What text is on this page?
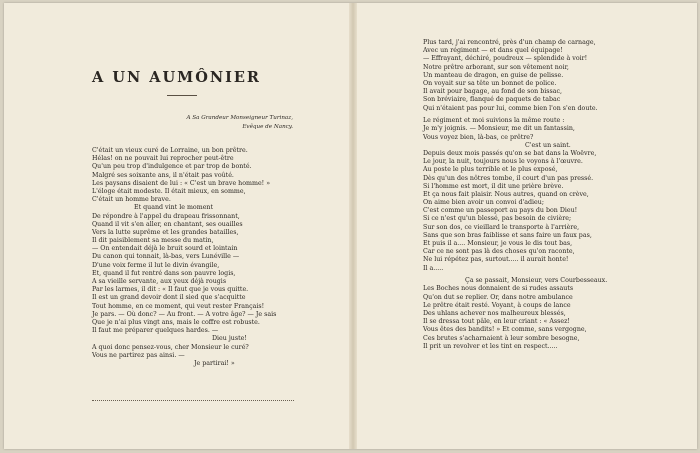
A UN AUMÔNIER
A Sa Grandeur Monseigneur Turinaz,
Evêque de Nancy.
C'était un vieux curé de Lorraine, un bon prêtre.
Hélas! on ne pouvait lui reprocher peut-être
Qu'un peu trop d'indulgence et par trop de bonté.
Malgré ses soixante ans, il n'était pas voûté.
Les paysans disaient de lui : « C'est un brave homme! »
L'éloge était modeste. Il était mieux, en somme,
C'était un homme brave.
Et quand vint le moment
De répondre à l'appel du drapeau frissonnant,
Quand il vit s'en aller, en chantant, ses ouailles
Vers la lutte suprême et les grandes batailles,
Il dit paisiblement sa messe du matin,
— On entendait déjà le bruit sourd et lointain
Du canon qui tonnait, là-bas, vers Lunéville —
D'une voix ferme il lut le divin évangile,
Et, quand il fut rentré dans son pauvre logis,
A sa vieille servante, aux yeux déjà rougis
Par les larmes, il dit : « Il faut que je vous quitte.
Il est un grand devoir dont il sied que s'acquitte
Tout homme, en ce moment, qui veut rester Français!
Je pars. — Où donc? — Au front. — A votre âge? — Je sais
Que je n'ai plus vingt ans, mais le coffre est robuste.
Il faut me préparer quelques hardes. —
Dieu juste!
A quoi donc pensez-vous, cher Monsieur le curé?
Vous ne partirez pas ainsi. —
Je partirai! »
Plus tard, j'ai rencontré, près d'un champ de carnage,
Avec un régiment — et dans quel équipage!
— Effrayant, déchiré, poudreux — splendide à voir!
Notre prêtre arborant, sur son vêtement noir,
Un manteau de dragon, en guise de pelisse.
On voyait sur sa tête un bonnet de police.
Il avait pour bagage, au fond de son bissac,
Son bréviaire, flanqué de paquets de tabac
Qui n'étaient pas pour lui, comme bien l'on s'en doute.
Le régiment et moi suivions la même route :
Je m'y joignis. — Monsieur, me dit un fantassin,
Vous voyez bien, là-bas, ce prêtre?
C'est un saint.
Depuis deux mois passés qu'on se bat dans la Woëvre,
Le jour, la nuit, toujours nous le voyons à l'œuvre.
Au poste le plus terrible et le plus exposé,
Dès qu'un des nôtres tombe, il court d'un pas pressé.
Si l'homme est mort, il dit une prière brève.
Et ça nous fait plaisir. Nous autres, quand on crève,
On aime bien avoir un convoi d'adieu;
C'est comme un passeport au pays du bon Dieu!
Si ce n'est qu'un blessé, pas besoin de civière;
Sur son dos, ce vieillard le transporte à l'arrière,
Sans que son bras faiblisse et sans faire un faux pas,
Et puis il a.... Monsieur, je vous le dis tout bas,
Car ce ne sont pas là des choses qu'on raconte,
Ne lui répétez pas, surtout..... il aurait honte!
Il a.....
Ça se passait, Monsieur, vers Courbesseaux.
Les Boches nous donnaient de si rudes assauts
Qu'on dut se replier. Or, dans notre ambulance
Le prêtre était resté. Voyant, à coups de lance
Des uhlans achever nos malheureux blessés,
Il se dressa tout pâle, en leur criant : « Assez!
Vous êtes des bandits! » Et comme, sans vergogne,
Ces brutes s'acharnaient à leur sombre besogne,
Il prit un revolver et les tint en respect.....
